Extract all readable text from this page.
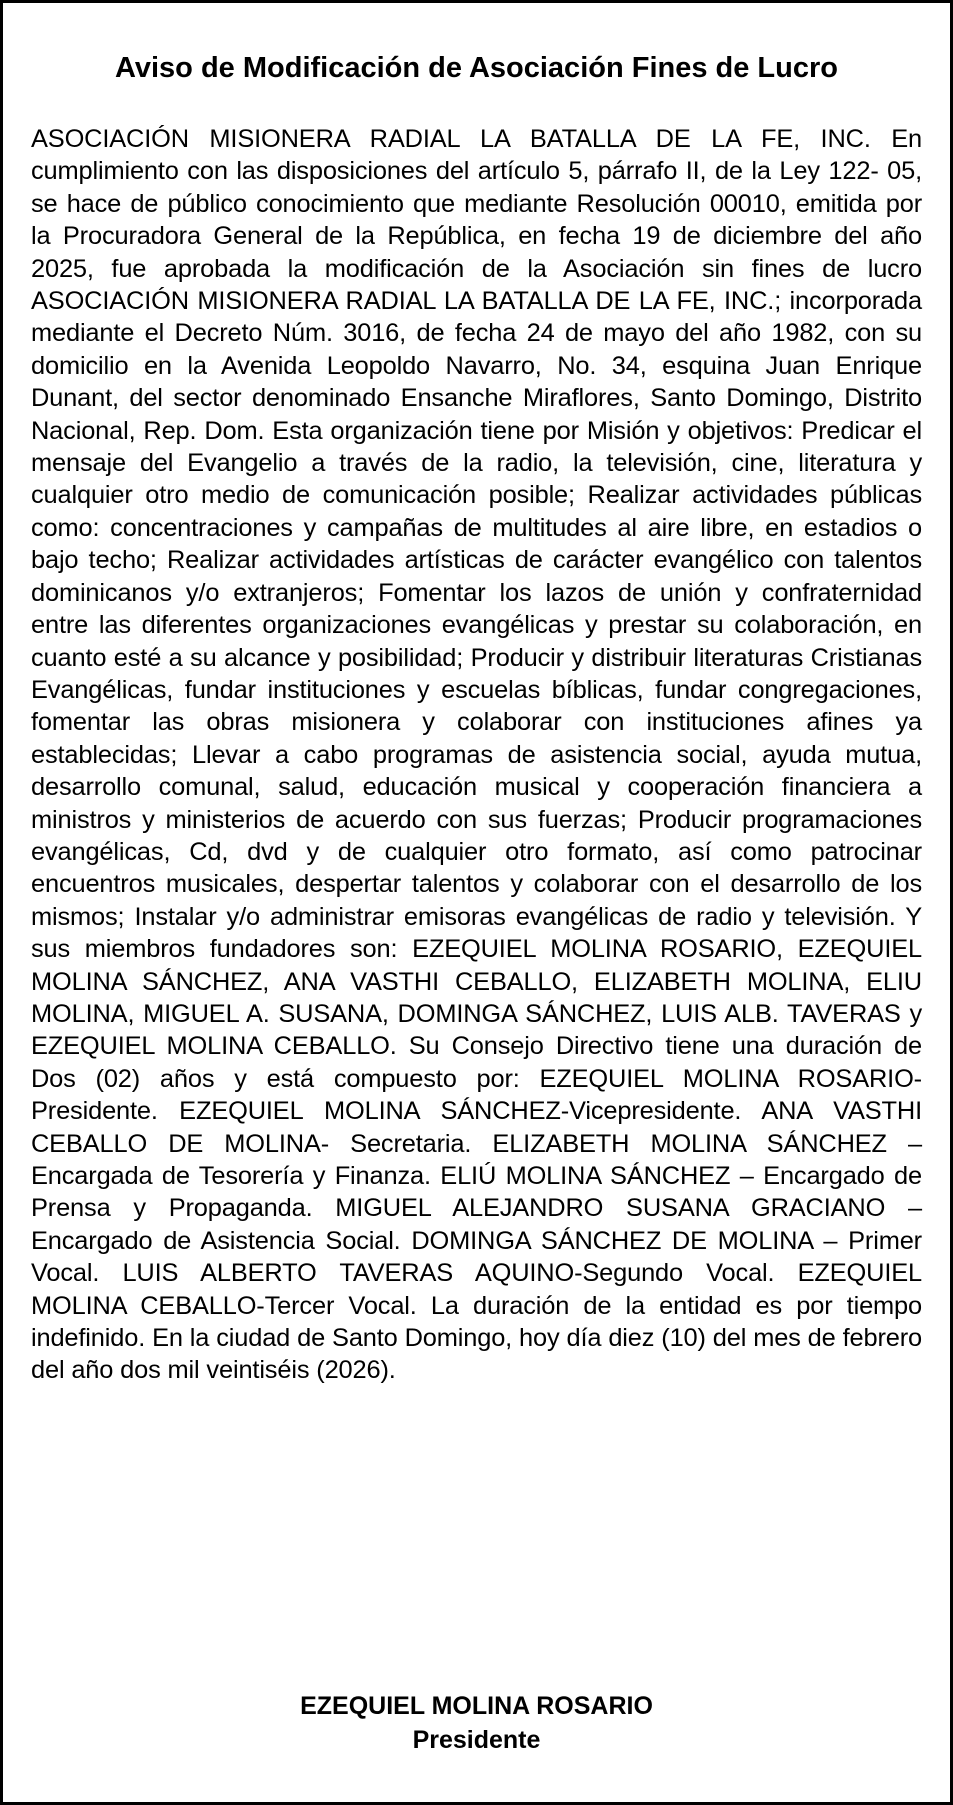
Aviso de Modificación de Asociación Fines de Lucro

ASOCIACIÓN MISIONERA RADIAL LA BATALLA DE LA FE, INC. En cumplimiento con las disposiciones del artículo 5, párrafo II, de la Ley 122- 05, se hace de público conocimiento que mediante Resolución 00010, emitida por la Procuradora General de la República, en fecha 19 de diciembre del año 2025, fue aprobada la modificación de la Asociación sin fines de lucro ASOCIACIÓN MISIONERA RADIAL LA BATALLA DE LA FE, INC.; incorporada mediante el Decreto Núm. 3016, de fecha 24 de mayo del año 1982, con su domicilio en la Avenida Leopoldo Navarro, No. 34, esquina Juan Enrique Dunant, del sector denominado Ensanche Miraflores, Santo Domingo, Distrito Nacional, Rep. Dom. Esta organización tiene por Misión y objetivos: Predicar el mensaje del Evangelio a través de la radio, la televisión, cine, literatura y cualquier otro medio de comunicación posible; Realizar actividades públicas como: concentraciones y campañas de multitudes al aire libre, en estadios o bajo techo; Realizar actividades artísticas de carácter evangélico con talentos dominicanos y/o extranjeros; Fomentar los lazos de unión y confraternidad entre las diferentes organizaciones evangélicas y prestar su colaboración, en cuanto esté a su alcance y posibilidad; Producir y distribuir literaturas Cristianas Evangélicas, fundar instituciones y escuelas bíblicas, fundar congregaciones, fomentar las obras misionera y colaborar con instituciones afines ya establecidas; Llevar a cabo programas de asistencia social, ayuda mutua, desarrollo comunal, salud, educación musical y cooperación financiera a ministros y ministerios de acuerdo con sus fuerzas; Producir programaciones evangélicas, Cd, dvd y de cualquier otro formato, así como patrocinar encuentros musicales, despertar talentos y colaborar con el desarrollo de los mismos; Instalar y/o administrar emisoras evangélicas de radio y televisión. Y sus miembros fundadores son: EZEQUIEL MOLINA ROSARIO, EZEQUIEL MOLINA SÁNCHEZ, ANA VASTHI CEBALLO, ELIZABETH MOLINA, ELIU MOLINA, MIGUEL A. SUSANA, DOMINGA SÁNCHEZ, LUIS ALB. TAVERAS y EZEQUIEL MOLINA CEBALLO. Su Consejo Directivo tiene una duración de Dos (02) años y está compuesto por: EZEQUIEL MOLINA ROSARIO- Presidente. EZEQUIEL MOLINA SÁNCHEZ-Vicepresidente. ANA VASTHI CEBALLO DE MOLINA- Secretaria. ELIZABETH MOLINA SÁNCHEZ – Encargada de Tesorería y Finanza. ELIÚ MOLINA SÁNCHEZ – Encargado de Prensa y Propaganda. MIGUEL ALEJANDRO SUSANA GRACIANO – Encargado de Asistencia Social. DOMINGA SÁNCHEZ DE MOLINA – Primer Vocal. LUIS ALBERTO TAVERAS AQUINO-Segundo Vocal. EZEQUIEL MOLINA CEBALLO-Tercer Vocal. La duración de la entidad es por tiempo indefinido. En la ciudad de Santo Domingo, hoy día diez (10) del mes de febrero del año dos mil veintiséis (2026).

EZEQUIEL MOLINA ROSARIO
Presidente
